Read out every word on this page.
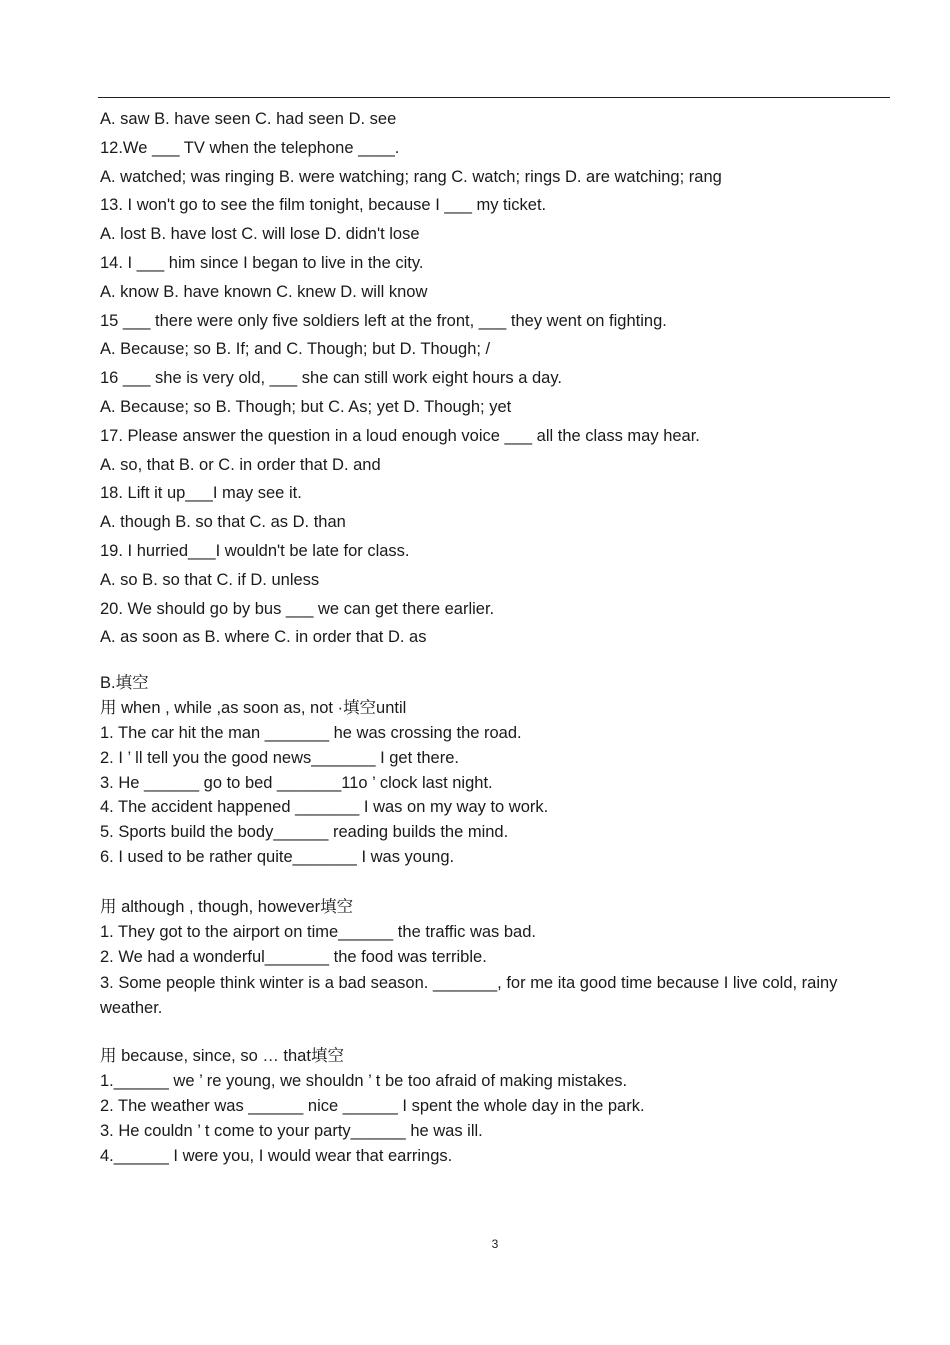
A. saw B. have seen C. had seen D. see
12.We ___ TV when the telephone ____.
A. watched; was ringing B. were watching; rang C. watch; rings D. are watching; rang
13. I won't go to see the film tonight, because I ___ my ticket.
A. lost B. have lost C. will lose D. didn't lose
14. I ___ him since I began to live in the city.
A. know B. have known C. knew D. will know
15 ___ there were only five soldiers left at the front, ___ they went on fighting.
A. Because; so B. If; and C. Though; but D. Though; /
16 ___ she is very old, ___ she can still work eight hours a day.
A. Because; so B. Though; but C. As; yet D. Though; yet
17. Please answer the question in a loud enough voice ___ all the class may hear.
A. so, that B. or C. in order that D. and
18. Lift it up___I may see it.
A. though B. so that C. as D. than
19. I hurried___I wouldn't be late for class.
A. so B. so that C. if D. unless
20. We should go by bus ___ we can get there earlier.
A. as soon as B. where C. in order that D. as
B.填空
用 when , while ,as soon as, not ·填空until
1. The car hit the man _______ he was crossing the road.
2. I ’ ll tell you the good news_______ I get there.
3. He ______ go to bed _______11o ’ clock last night.
4. The accident happened _______ I was on my way to work.
5. Sports build the body______ reading builds the mind.
6. I used to be rather quite_______ I was young.
用 although , though, however填空
1. They got to the airport on time______ the traffic was bad.
2. We had a wonderful_______ the food was terrible.
3. Some people think winter is a bad season. _______, for me ita good time because I live cold, rainy weather.
用 because, since, so … that填空
1.______ we ’ re young, we shouldn ’ t be too afraid of making mistakes.
2. The weather was ______ nice ______ I spent the whole day in the park.
3. He couldn ’ t come to your party______ he was ill.
4.______ I were you, I would wear that earrings.
3
